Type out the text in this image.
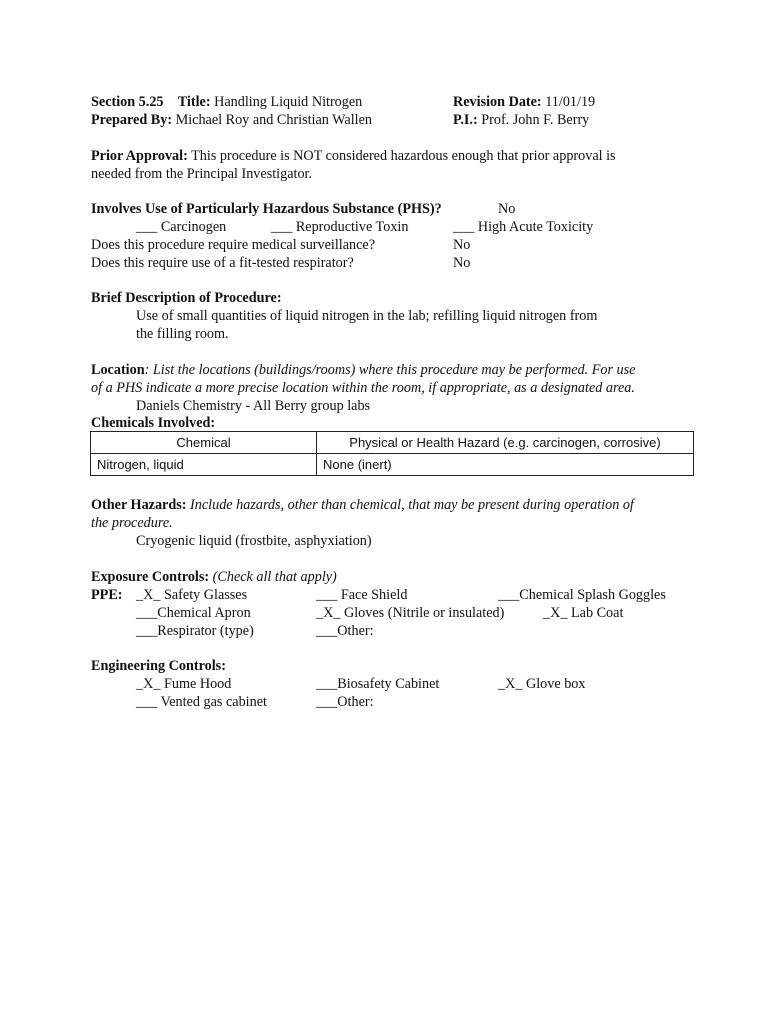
Section 5.25 Title: Handling Liquid Nitrogen	Revision Date: 11/01/19
Prepared By: Michael Roy and Christian Wallen	P.I.: Prof. John F. Berry
Prior Approval: This procedure is NOT considered hazardous enough that prior approval is
needed from the Principal Investigator.
Involves Use of Particularly Hazardous Substance (PHS)?	No
___ Carcinogen	___ Reproductive Toxin	___ High Acute Toxicity
Does this procedure require medical surveillance?	No
Does this require use of a fit-tested respirator?	No
Brief Description of Procedure:
Use of small quantities of liquid nitrogen in the lab; refilling liquid nitrogen from
the filling room.
Location: List the locations (buildings/rooms) where this procedure may be performed. For use
of a PHS indicate a more precise location within the room, if appropriate, as a designated area.
Daniels Chemistry - All Berry group labs
Chemicals Involved:
Chemical	Physical or Health Hazard (e.g. carcinogen, corrosive)
Nitrogen, liquid	None (inert)
Other Hazards: Include hazards, other than chemical, that may be present during operation of
the procedure.
Cryogenic liquid (frostbite, asphyxiation)
Exposure Controls: (Check all that apply)
PPE: _X_ Safety Glasses	___ Face Shield	___Chemical Splash Goggles
___Chemical Apron	_X_ Gloves (Nitrile or insulated)	_X_ Lab Coat
___Respirator (type)	___Other:
Engineering Controls:
_X_ Fume Hood	___Biosafety Cabinet	_X_ Glove box
___ Vented gas cabinet	___Other:
